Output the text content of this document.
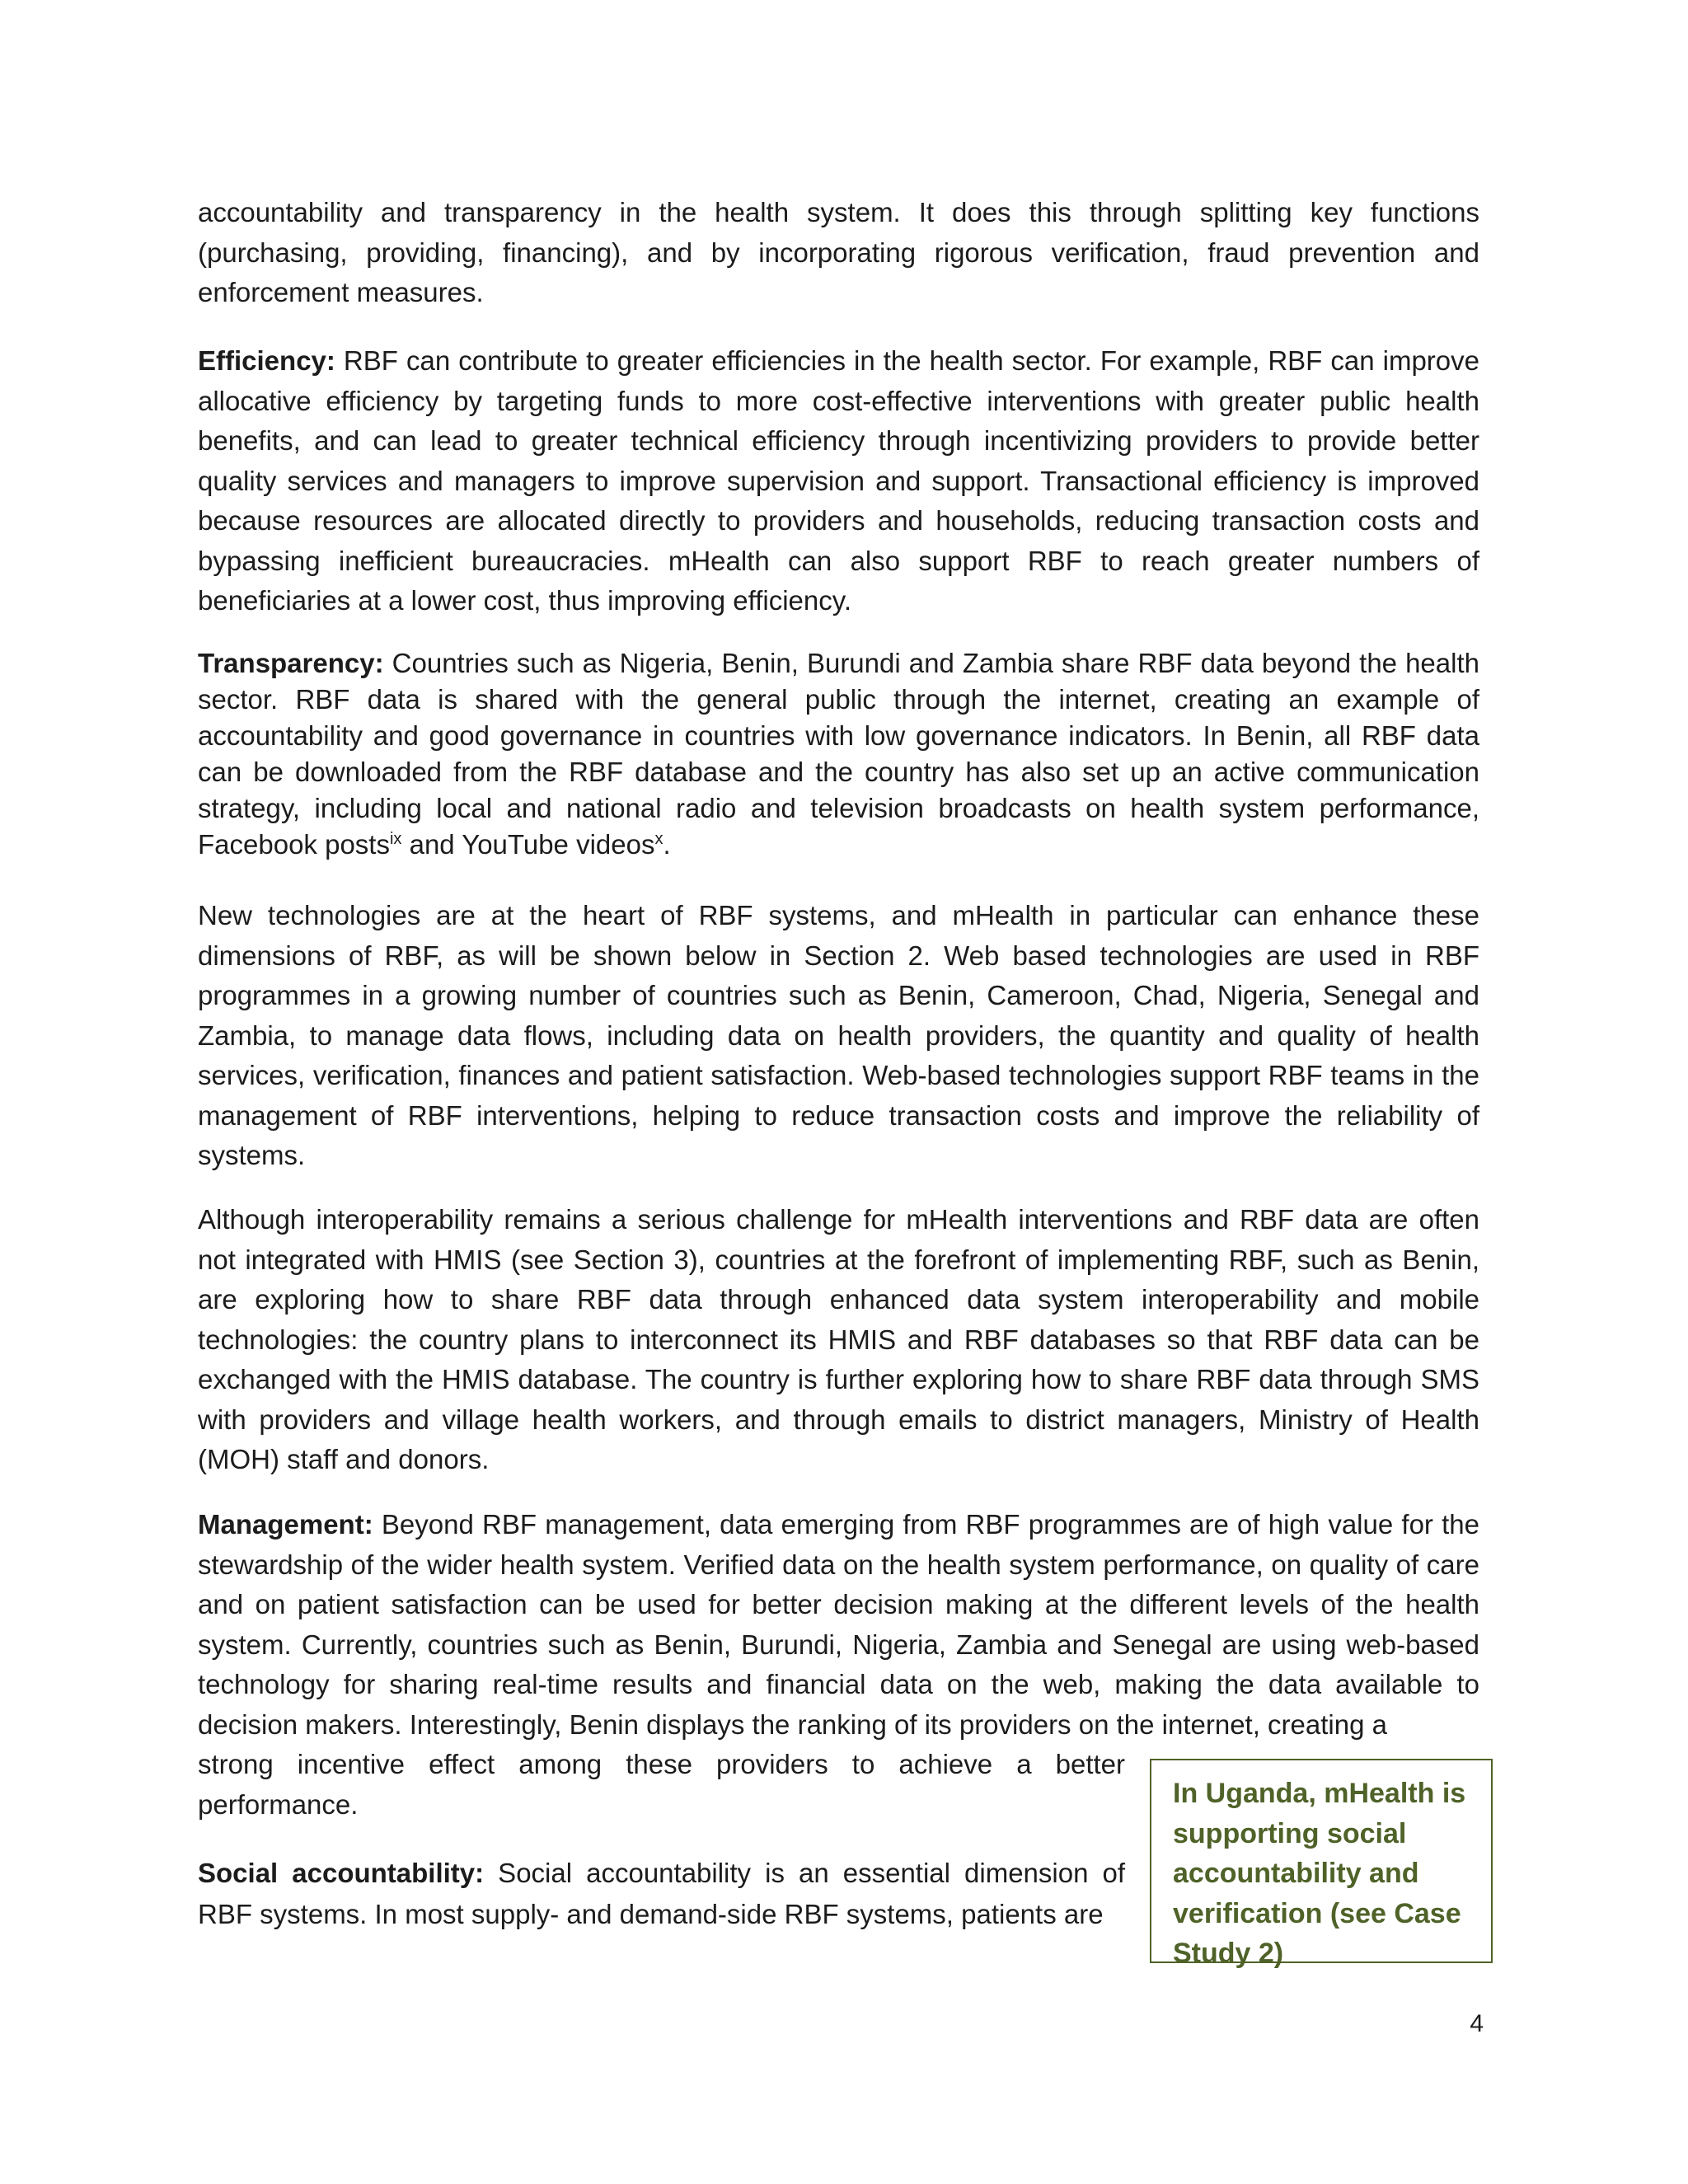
accountability and transparency in the health system. It does this through splitting key functions (purchasing, providing, financing), and by incorporating rigorous verification, fraud prevention and enforcement measures.

Efficiency: RBF can contribute to greater efficiencies in the health sector. For example, RBF can improve allocative efficiency by targeting funds to more cost-effective interventions with greater public health benefits, and can lead to greater technical efficiency through incentivizing providers to provide better quality services and managers to improve supervision and support. Transactional efficiency is improved because resources are allocated directly to providers and households, reducing transaction costs and bypassing inefficient bureaucracies. mHealth can also support RBF to reach greater numbers of beneficiaries at a lower cost, thus improving efficiency.

Transparency: Countries such as Nigeria, Benin, Burundi and Zambia share RBF data beyond the health sector. RBF data is shared with the general public through the internet, creating an example of accountability and good governance in countries with low governance indicators. In Benin, all RBF data can be downloaded from the RBF database and the country has also set up an active communication strategy, including local and national radio and television broadcasts on health system performance, Facebook posts$^{ix}$ and YouTube videos$^x$.

New technologies are at the heart of RBF systems, and mHealth in particular can enhance these dimensions of RBF, as will be shown below in Section 2. Web based technologies are used in RBF programmes in a growing number of countries such as Benin, Cameroon, Chad, Nigeria, Senegal and Zambia, to manage data flows, including data on health providers, the quantity and quality of health services, verification, finances and patient satisfaction. Web-based technologies support RBF teams in the management of RBF interventions, helping to reduce transaction costs and improve the reliability of systems.

Although interoperability remains a serious challenge for mHealth interventions and RBF data are often not integrated with HMIS (see Section 3), countries at the forefront of implementing RBF, such as Benin, are exploring how to share RBF data through enhanced data system interoperability and mobile technologies: the country plans to interconnect its HMIS and RBF databases so that RBF data can be exchanged with the HMIS database. The country is further exploring how to share RBF data through SMS with providers and village health workers, and through emails to district managers, Ministry of Health (MOH) staff and donors.

Management: Beyond RBF management, data emerging from RBF programmes are of high value for the stewardship of the wider health system. Verified data on the health system performance, on quality of care and on patient satisfaction can be used for better decision making at the different levels of the health system. Currently, countries such as Benin, Burundi, Nigeria, Zambia and Senegal are using web-based technology for sharing real-time results and financial data on the web, making the data available to decision makers. Interestingly, Benin displays the ranking of its providers on the internet, creating a

strong incentive effect among these providers to achieve a better performance.

Social accountability: Social accountability is an essential dimension of RBF systems. In most supply- and demand-side RBF systems, patients are

In Uganda, mHealth is supporting social accountability and verification (see Case Study 2)
4
